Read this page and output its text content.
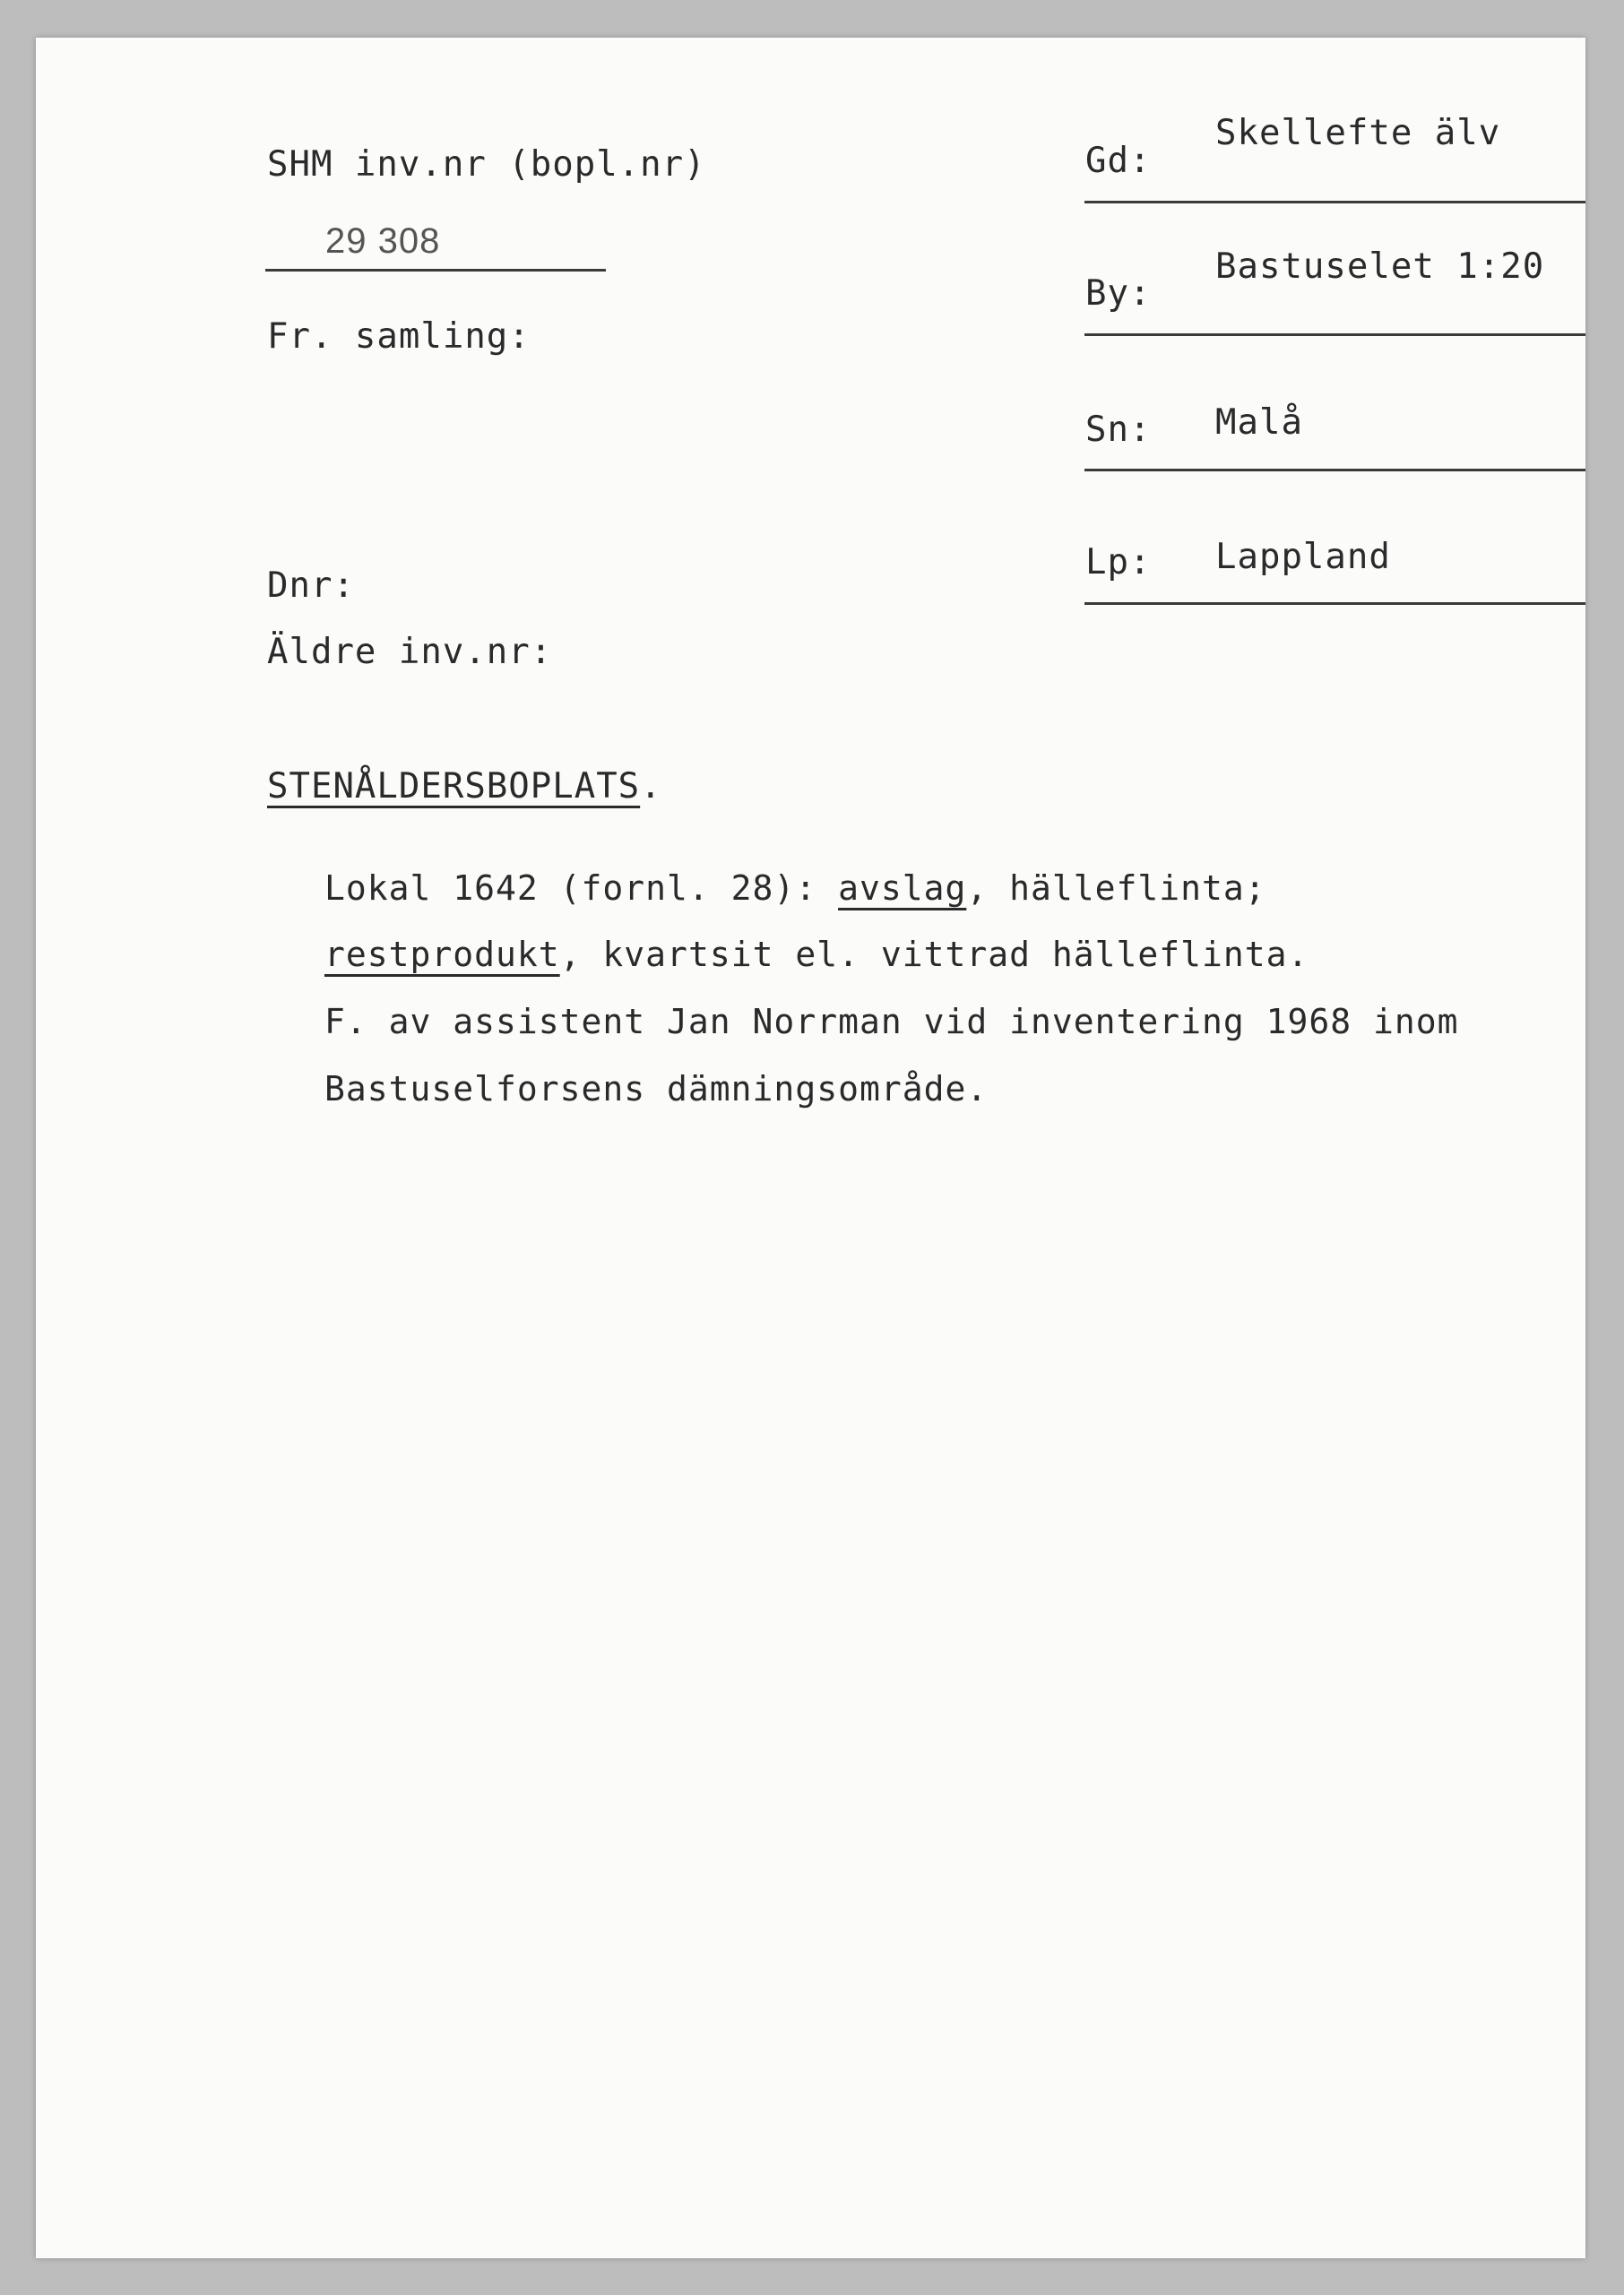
SHM inv.nr (bopl.nr)
29 308
Fr. samling:
Dnr:
Äldre inv.nr:
Gd:
Skellefte älv
By:
Bastuselet 1:20
Sn: Malå
Lp: Lappland
STENÅLDERSBOPLATS.
Lokal 1642 (fornl. 28): avslag, hälleflinta;
restprodukt, kvartsit el. vittrad hälleflinta.
F. av assistent Jan Norrman vid inventering 1968 inom
Bastuselforsens dämningsområde.
